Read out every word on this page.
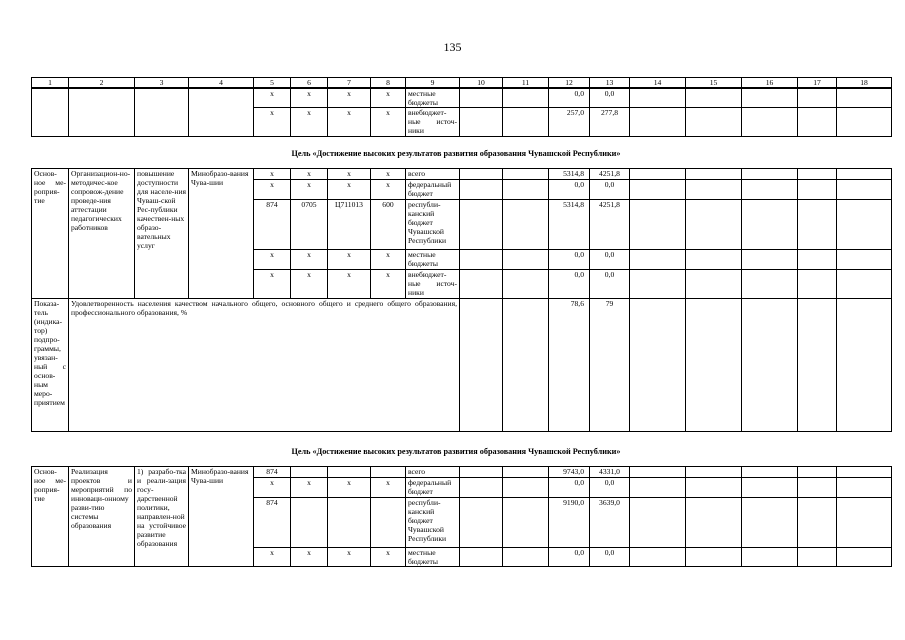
135
1	2	3	4	5	6	7	8	9	10	11	12	13	14	15	16	17	18
				х	х	х	х	местные бюджеты			0,0	0,0					
				х	х	х	х	внебюджет-ные источ-ники			257,0	277,8					
Цель «Достижение высоких результатов развития образования Чувашской Республики»
Основ-ное ме-роприя-тие	Организацион-но-методичес-кое сопровож-дение проведе-ния аттестации педагогических работников	повышение доступности для населе-ния Чуваш-ской Рес-публики качествен-ных образо-вательных услуг	Минобразо-вания Чува-шии	х	х	х	х	всего			5314,8	4251,8					
				х	х	х	х	федеральный бюджет			0,0	0,0					
				874	0705	Ц711013	600	республи-канский бюджет Чувашской Республики			5314,8	4251,8					
				х	х	х	х	местные бюджеты			0,0	0,0					
				х	х	х	х	внебюджет-ные источ-ники			0,0	0,0					
Показа-тель (индика-тор) подпро-граммы, увязан-ный с основ-ным меро-приятием	Удовлетворенность населения качеством начального общего, основного общего и среднего общего образования, профессионального образования, %										78,6	79					
Цель «Достижение высоких результатов развития образования Чувашской Республики»
Основ-ное ме-роприя-тие	Реализация проектов и мероприятий по инноваци-онному разви-тию системы образования	1) разрабо-тка и реали-зация госу-дарственной политики, направлен-ной на устойчивое развитие образования	Минобразо-вания Чува-шии	874				всего			9743,0	4331,0					
				х	х	х	х	федеральный бюджет			0,0	0,0					
				874				республи-канский бюджет Чувашской Республики			9190,0	3639,0					
				х	х	х	х	местные бюджеты			0,0	0,0					
